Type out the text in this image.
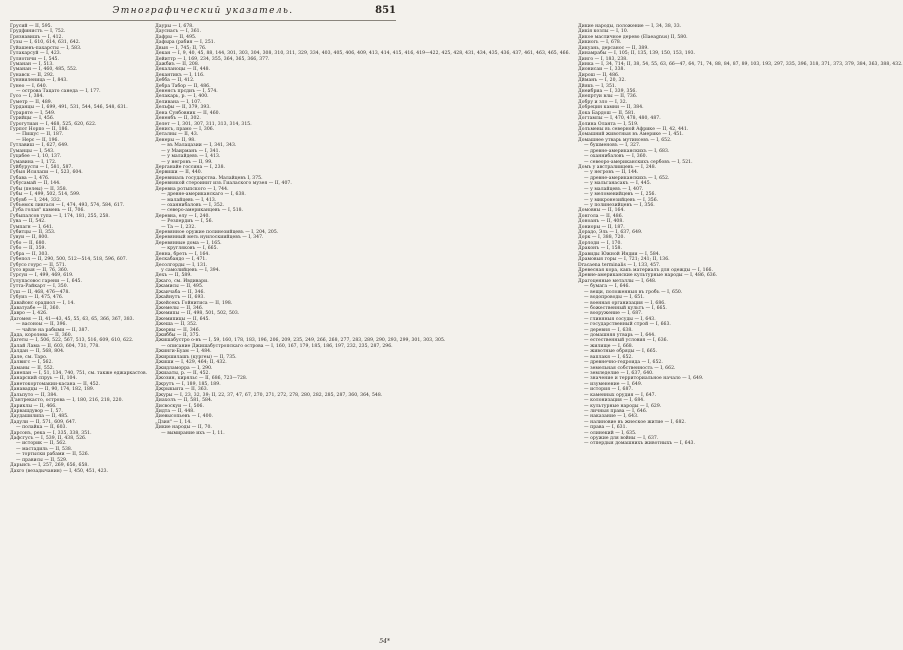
Этнографический указатель.	851
Грусий — II, 595.
Грудфинистъ — I, 752.
Грязнавишъ — I, 412.
Гузы — I, 610, 614, 631, 642.
Гуйашевъ-пахарсты — I, 583.
Гулакарсуй — I, 423.
Гуляотичи — I, 545.
Гуманан — I, 513.
Гуманан — I, 460, 485, 552.
Гунавск — II, 292.
Гунявиленица — I, 843.
Гунео — I, 640.
— острова Тацато санеда — I, 177.
Гусо — I, 384.
Гуметр — II, 489.
Гурданцы — I, 699, 491, 531, 544, 546, 548, 631.
Гураряте — I, 549.
Гурийцы — I, 456.
Гурогутиан — I, 468, 525, 620, 622.
Гурпот Норпо — II, 186.
— Пишус — II, 187.
— Нерс — II, 196.
Гутлавиш — I, 627, 649.
Гуманцы — I, 543.
Гуцабее — I, 10, 137.
Гумавина — I, 172.
Гуйбурусти — I, 581, 587.
Губыя Исилапи — I, 523, 604.
Губава — I, 476.
Губусамай — II, 144.
Губы (пелеы) — II, 358.
Губы — I, 499, 502, 514, 599.
Губувб — I, 244, 332.
Губъемск ливгасн — I, 474, 493, 574, 584, 617.
„Губа голая" камень — II, 706.
Губыпалсов тупа — I, 174, 181, 255, 258.
Гува — II, 542.
Гумпагн — I, 641.
Губитцы — II, 353.
Гувуи — II, 800.
Губо — II, 680.
Губо — II, 359.
Губра — II, 303.
Губепол — II, 290, 500, 512—514, 518, 596, 607.
Губусо гоурс — II, 571.
Гусо врыя — II, 76, 360.
Гурсуи — I, 499, 469, 619.
Гулупасовос гарени — I, 645.
Гутта-Райкарт — I, 350.
Гуш — II, 468, 476—478.
Губуиз — II, 475, 476.
Давайонс орадиол — I, 14.
Даватуабе — II, 360.
Давро — I, 426.
Дагомея — II, 41—43, 45, 55, 63, 65, 366, 367, 383.
— васоноы — II, 396.
— чайле на рабыми — II, 387.
Дада, королева — II, 360.
Дагеты — I, 506, 522, 567, 513, 516, 609, 610, 622.
Далай Лама — II, 603, 604, 731, 778.
Далдан — II, 568, 804.
Дале, см. Таро.
Далвигс — I, 562.
Даманы — II, 552.
Данепан — I, 51, 134, 740, 751, см. также еджаркастов.
Данарский спруь — II, 104.
Данетокортомакии-касана — II, 452.
Данавадцы — II, 90, 174, 182, 189.
Дальпуто — II, 384.
Д'антрекасто, острова — I, 180, 216, 218, 220.
Дариклы — II, 466.
Дарвашдувор — I, 57.
Даудашилипа — II, 485.
Дадули — II, 571, 609, 647.
— полайка — II, 603.
Дарсонъ, река — I, 335, 338, 351.
Дафсгусъ — I, 539, II, 438, 526.
— историк — II, 562.
— мастадиль — II, 538.
— тортыски рабами — II, 526.
— прависы — II, 529.
Дарьисъ — I, 257, 269, 656, 658.
Дахго (везадычанин) — I, 450, 451, 423.
Дауры — I, 678.
Дауснасъ — I, 361.
Дафры — II, 495.
Дафыра (рабия — I, 251.
Двыя — I, 745; II, 76.
Декан — I, 9, 40, 45, 88, 144, 301, 303, 304, 308, 310, 311, 329, 334, 403, 405, 406, 409, 413, 414, 415, 416, 419—422, 425, 428, 431, 434, 435, 436, 437, 461, 463, 465, 466.
Дейиттр — I, 169, 234, 355, 364, 365, 366, 377.
Дажбиъ — II, 208.
Декаланоцы — II, 448.
Декантикъ — I, 116.
Дебба — II, 412.
Дебра Табор — II, 486.
Дененсъ прсдиъ — I, 574.
Делакарь, р. — I, 400.
Деливана — I, 107.
Дельфы — II, 379, 393.
Дена Сунбовник — II, 460.
Дененбъ — II, 302.
Делет — I, 301, 307, 311, 313, 314, 315.
Денисъ, прамо — I, 306.
Деталны — II, 43.
Денеры — II, 98.
— въ Малацазии — I, 341, 343.
— у Маирманъ — I, 341.
— у малайдевъ — I, 413.
— у негровъ — II, 99.
Дерганайе госсина — I, 238.
Дервиши — II, 440.
Деревниаль государства. Малайцевъ I, 375.
Деревнякой стероинит изъ Гиалаского музея — II, 407.
Деревна ротыпского — I, 744.
— древне-американскаго — I, 638.
— малайцевъ — I, 413.
— оханнибаловъ — I, 352.
— северо-американцевъ — I, 518.
Деревна, елу — I, 240.
— Резпердиъ — I, 56.
— Та — I, 232.
Деревянное оружие полинезийцевъ — I, 204, 205.
Деревянный меть нуилоскиийцевъ — I, 347.
Деревянные дома — I, 165.
— кругляковъ — I, 665.
Денна, бреть — I, 164.
Дескабандо — I, 471.
Десолгорды — I, 131.
у самолийцевъ — I, 394.
Дехъ — II, 589.
Джаго, см. Ивдивари.
Джамисы — II, 495.
Джаичаба — II, 346.
Джайнутъ — II, 693.
Джейсекъ Гойнитиса — II, 198.
Джемелы — II, 346.
Джемипы — II, 498, 501, 502, 503.
Джемипицы — II, 645.
Джеша — II, 352.
Джерны — II, 346.
Джиббы — II, 375.
Джишабустро о-въ — I, 59, 160, 178, 183, 196, 206, 209, 235, 249, 266, 268, 277, 283, 289, 290, 293, 299, 301, 303, 305.
— описание Джишабустропскаго острова — I, 160, 167, 179, 185, 186, 197, 232, 235, 287, 296.
Джинги-Буам — I, 484.
Джиршилашъ (кургеы) — II, 735.
Джиши — I, 429, 464; II, 432.
Джидламорра — I, 290.
Джиааты, р. — II, 452.
Джозин, киряльс — II, 686, 723—728.
Джрутъ — I, 189, 185, 189.
Джрыкьита — II, 363.
Джуры — I, 23, 32, 39; II, 22, 37, 47, 67, 270, 271, 272, 278, 280, 282, 285, 287, 360, 364, 548.
Диахолъ — II, 581, 584.
Дисвоскуи — I, 506.
Дидта — II, 448.
Диевысопьевъ — I, 400.
„Дзия" — I, 14.
Дикие народы — II, 70.
— вымирание ихъ — I, 11.
Дикие народы, положение — I, 34, 38, 33.
Дикiя козлы — I, 10.
Дикое масличное дерево (Elaeagnus) II, 580.
Дикиогь — I, 678.
Дикуань, дерсанос — II, 389.
Динамрабы — I, 105; II, 135, 139, 150, 153, 193.
Динго — I, 183, 238.
Динка — I, 34, 714; II, 38, 54, 55, 63, 66—47, 64, 71, 74, 88, 84, 87, 89, 103, 193, 297, 335, 396, 318, 371, 373, 379, 384, 363, 388, 432.
Дионисаи — I, 338.
Дирош — II, 486.
Дйманъ — I, 20, 32.
Дйякъ — I, 351.
Днеибриа — I, 339, 356.
Днепртуи влы — II, 736.
Добру и зло — I, 32.
Добрецин камни — II, 384.
Дока Бардош — II, 581.
Догтамлы — I, 470, 478, 480, 487.
Долина Оланта — I, 519.
Долъмены въ северной Африке — II, 42, 441.
Домашний животныя въ Америке — I, 451.
Домашнее утварь мутинсевъ — I, 652.
— бушменовъ — I, 327.
— древне-американскихъ — I, 683.
— оханнибаловъ — I, 360.
— севеоро-американскихъ сербовъ — I, 521.
Домъ у австралиицевъ — I, 248.
— у негровъ — II, 144.
— древне-американскихъ — I, 652.
— у мальганасакъ — I, 445.
— у малайцевъ — I, 407.
— у меломенийцевъ — I, 256.
— у микронезийцевъ — I, 356.
— у полинезийцевъ — I, 356.
Домовны — II, 164.
Донгола — II, 486.
Доноанъ — II, 408.
Дониоры — II, 187.
Дорадо, Эль — I, 637, 649.
Дорк — I, 388, 720.
Дорлоди — I, 170.
Драконъ — I, 158.
Дравиды Южной Индии — I, 584.
Драмовыя горы — I, 721; 241; II, 136.
Dracaena terminalis — I, 133, 457.
Древесная кора, какъ материалъ для одежды — I, 166.
Древне-американские культурные народы — I, 486, 636.
Драгоценные металлы — I, 648.
— бумага — I, 646.
— вещи, положенныя въ гробъ — I, 650.
— водопроводы — I, 651.
— военная организация — I, 686.
— божественный культъ — I, 665.
— вооружение — I, 687.
— глиняныя сосуды — I, 643.
— государственный строй — I, 663.
— деревня — I, 638.
— домашняя утварь — I, 644.
— естественный условия — I, 636.
— жилище — I, 668.
— животные обряды — I, 665.
— ваплакя — I, 652.
— древнечно-гедроида — I, 652.
— земельная собственность — I, 662.
— земледелие — I, 637, 640.
— значение и территориальное начало — I, 649.
— изуменение — I, 649.
— история — I, 687.
— каменных орудия — I, 647.
— колонизация — I, 684.
— культурные народы — I, 629.
— личныя права — I, 646.
— наказание — I, 643.
— налиновие въ жнеское житие — I, 682.
— права — I, 631.
— олинекий — I, 635.
— оружие для войны — I, 637.
— отпердыя домашнихъ животныхъ — I, 643.
54*
